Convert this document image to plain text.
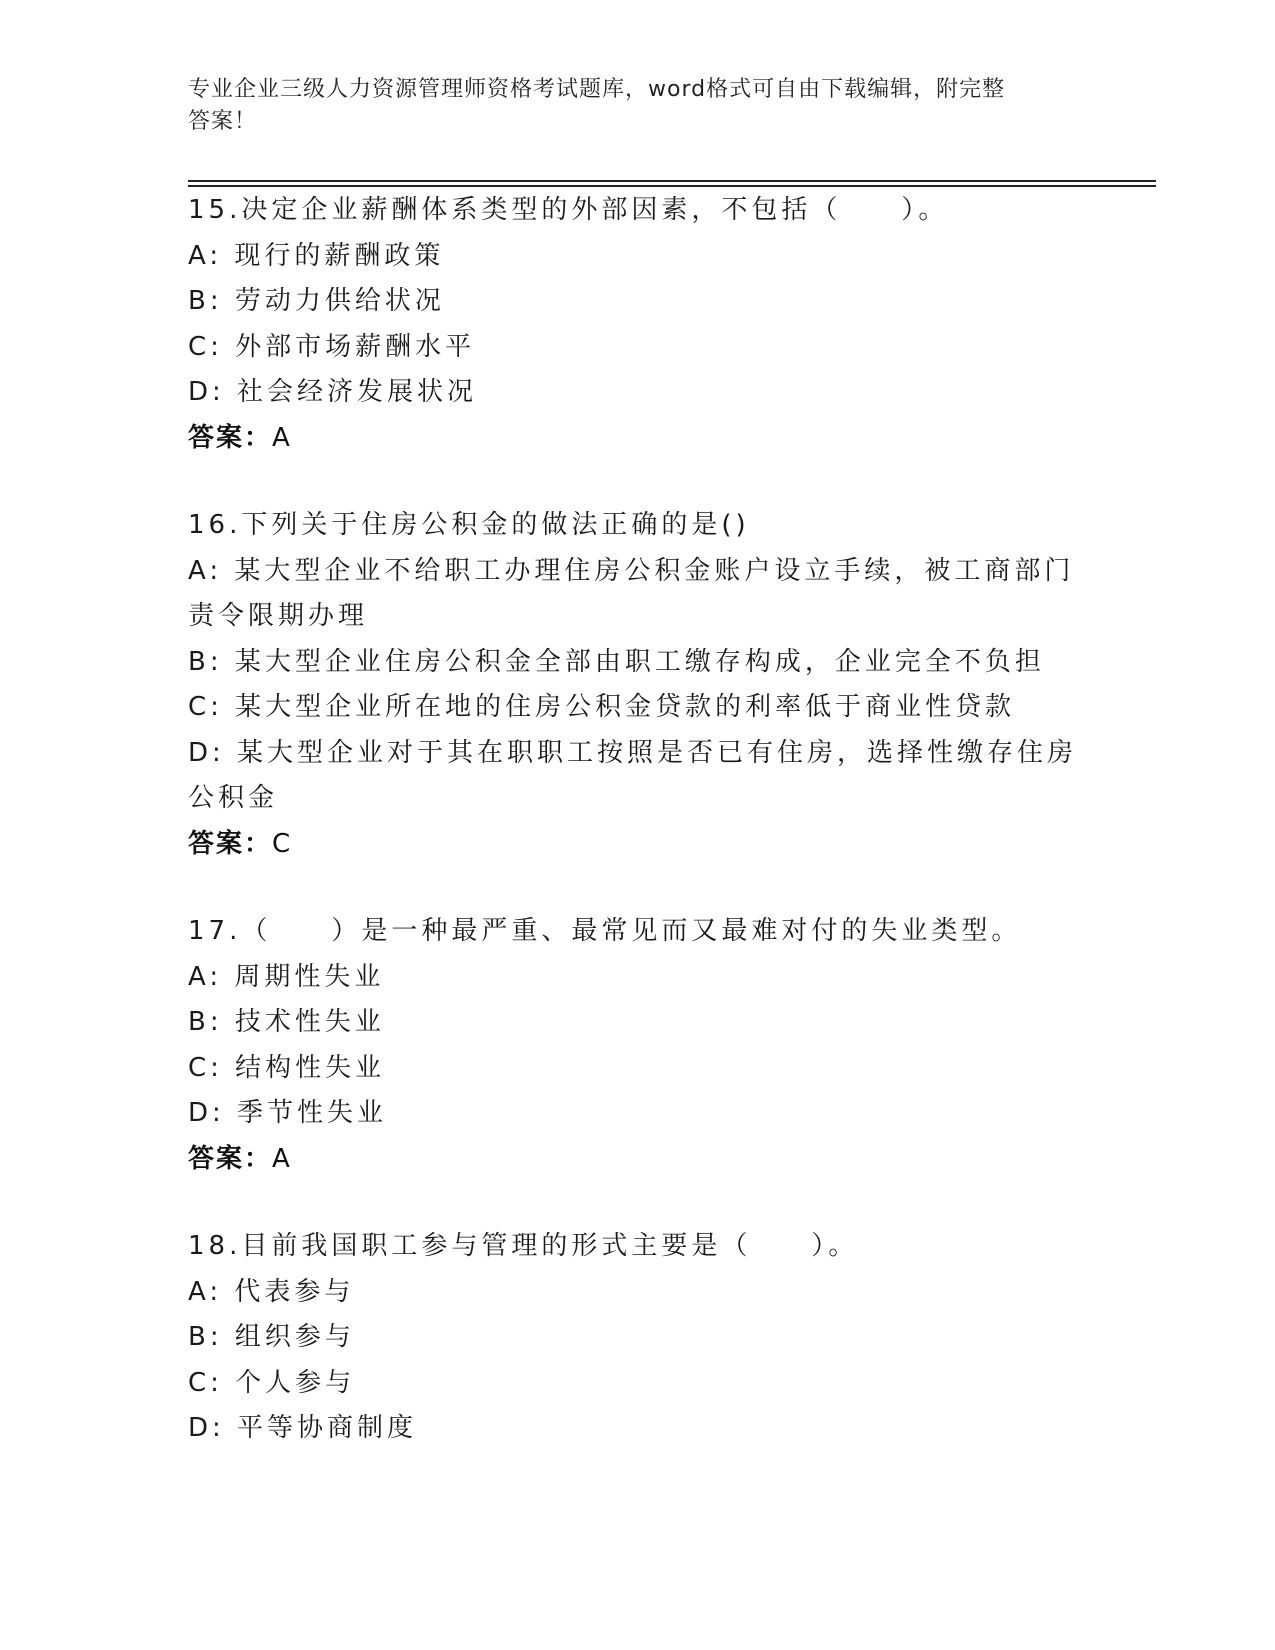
专业企业三级人力资源管理师资格考试题库，word格式可自由下载编辑，附完整
答案！
15.决定企业薪酬体系类型的外部因素，不包括（　　）。
A: 现行的薪酬政策
B: 劳动力供给状况
C: 外部市场薪酬水平
D: 社会经济发展状况
答案：A
16.下列关于住房公积金的做法正确的是()
A: 某大型企业不给职工办理住房公积金账户设立手续，被工商部门责令限期办理
B: 某大型企业住房公积金全部由职工缴存构成，企业完全不负担
C: 某大型企业所在地的住房公积金贷款的利率低于商业性贷款
D: 某大型企业对于其在职职工按照是否已有住房，选择性缴存住房公积金
答案：C
17.（　　）是一种最严重、最常见而又最难对付的失业类型。
A: 周期性失业
B: 技术性失业
C: 结构性失业
D: 季节性失业
答案：A
18.目前我国职工参与管理的形式主要是（　　）。
A: 代表参与
B: 组织参与
C: 个人参与
D: 平等协商制度
